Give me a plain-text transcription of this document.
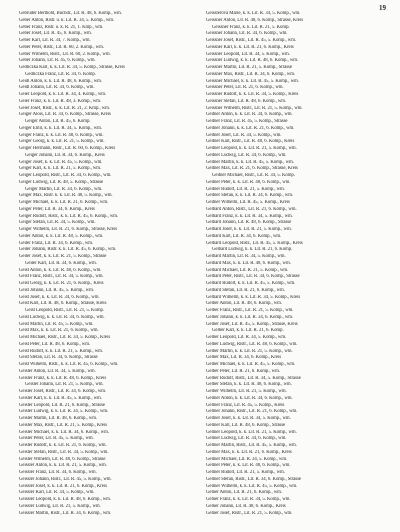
19
Gebrüder Berthold, Buchdr., Lit. R. 48, 6. Komp., wm.
Geber Anton, Ristr. u. k. Lit. R. 34, 5. Komp., wm.
Geber Franz, Ristr. u. k. R. 21, 1. Kmp., wm.
Geber Josef, Lit. R. 45, 6. Komp., wm.
Geber Karl, Lit. R. 34, 7. Komp., wm.
Geber Peter, Ristr., Lit. R. 60, 2. Komp., wm.
Geber Wilhelm, Ristr., Lit. R. 60, 2. Komp., wm.
Geber Johann, Lit. R. 45, 6. Komp., wm.
Gedliczka Karl, k. k. Lit. R. 34, 5. Komp., Strasse, Kreis
Gedliczka Franz, Lit. R. 34, 6. Komp.
Geidl Anton, k. k. Lit. R. 48, 6. Komp., wm.
Geidl Johann, Lit. R. 34, 6. Komp., wm.
Geier Leopold, k. k. Lit. R. 34, 4. Komp., wm.
Geier Franz, k. k. Lit. R. 48, 3. Komp., wm.
Geier Josef, Ristr., k. k. Lit. R. 21, 2. Kmp., wm.
Geiger Alois, Lit. R. 34, 6. Komp., Strasse, Kreis
Geiger Anton, Lit. R. 45, 6. Komp.
Geiger Emil, k. k. Lit. R. 34, 5. Komp., wm.
Geiger Franz, k. k. Lit. R. 48, 6. Komp., wm.
Geiger Georg, k. k. Lit. R. 21, 5. Komp., wm.
Geiger Hermann, Ristr., Lit. R. 60, 6. Komp., Kreis
Geiger Johann, Lit. R. 34, 6. Komp., Kreis
Geiger Josef, k. k. Lit. R. 45, 5. Komp., wm.
Geiger Karl, k. k. Lit. R. 21, 5. Komp., wm.
Geiger Leopold, Ristr., Lit. R. 34, 6. Komp., wm.
Geiger Ludwig, Lit. R. 48, 5. Komp., Strasse
Geiger Martin, Lit. R. 34, 6. Komp., wm.
Geiger Max, Ristr. k. k. Lit. R. 48, 5. Komp., wm.
Geiger Michael, k. k. Lit. R. 21, 6. Komp., wm.
Geiger Peter, Lit. R. 34, 6. Komp., Kreis
Geiger Rudolf, Ristr., k. k. Lit. R. 45, 6. Komp., wm.
Geiger Stefan, Lit. R. 34, 5. Komp., wm.
Geiger Wilhelm, Lit. R. 21, 6. Komp., Strasse, Kreis
Geiler Anton, k. k. Lit. R. 48, 5. Komp., wm.
Geiler Franz, Lit. R. 34, 6. Komp., wm.
Geiler Johann, Ristr. k. k. Lit. R. 45, 6. Komp., wm.
Geiler Josef, k. k. Lit. R. 21, 5. Komp., Strasse
Geiler Karl, Lit. R. 34, 6. Komp., wm.
Geist Anton, k. k. Lit. R. 48, 6. Komp., wm.
Geist Franz, Ristr., Lit. R. 34, 5. Komp., wm.
Geist Georg, k. k. Lit. R. 21, 6. Komp., Kreis
Geist Johann, Lit. R. 45, 5. Komp., wm.
Geist Josef, k. k. Lit. R. 34, 6. Komp., wm.
Geist Karl, Lit. R. 48, 6. Komp., Strasse, Kreis
Geist Leopold, Ristr., Lit. R. 21, 5. Komp.
Geist Ludwig, k. k. Lit. R. 34, 6. Komp., wm.
Geist Martin, Lit. R. 45, 5. Komp., wm.
Geist Max, k. k. Lit. R. 21, 6. Komp., wm.
Geist Michael, Ristr., Lit. R. 34, 5. Komp., Kreis
Geist Peter, Lit. R. 48, 6. Komp., wm.
Geist Rudolf, k. k. Lit. R. 21, 5. Komp., wm.
Geist Stefan, Lit. R. 34, 6. Komp., Strasse
Geist Wilhelm, Ristr., k. k. Lit. R. 45, 6. Komp., wm.
Geisler Anton, Lit. R. 34, 5. Komp., wm.
Geisler Franz, k. k. Lit. R. 48, 6. Komp., Kreis
Geisler Johann, Lit. R. 21, 5. Komp., wm.
Geisler Josef, Ristr., Lit. R. 34, 6. Komp., wm.
Geisler Karl, k. k. Lit. R. 45, 5. Komp., wm.
Geisler Leopold, Lit. R. 21, 6. Komp., Strasse
Geisler Ludwig, k. k. Lit. R. 34, 5. Komp., wm.
Geisler Martin, Lit. R. 48, 6. Komp., wm.
Geisler Max, Ristr., Lit. R. 21, 5. Komp., Kreis
Geisler Michael, k. k. Lit. R. 34, 6. Komp., wm.
Geisler Peter, Lit. R. 45, 5. Komp., wm.
Geisler Rudolf, k. k. Lit. R. 21, 6. Komp., wm.
Geisler Stefan, Ristr., Lit. R. 34, 5. Komp., wm.
Geisler Wilhelm, Lit. R. 48, 6. Komp., Strasse
Geissler Anton, k. k. Lit. R. 21, 5. Komp., wm.
Geissler Franz, Lit. R. 34, 6. Komp., wm.
Geissler Johann, Ristr., Lit. R. 45, 5. Komp., wm.
Geissler Josef, k. k. Lit. R. 21, 6. Komp., Kreis
Geissler Karl, Lit. R. 34, 5. Komp., wm.
Geissler Leopold, k. k. Lit. R. 48, 6. Komp., wm.
Geissler Ludwig, Lit. R. 21, 5. Komp., wm.
Geissler Martin, Ristr., Lit. R. 34, 6. Komp., wm.
Geisslerová Marie, k. k. Lit. R. 34, 5. Komp., wm.
Geissner Anton, Lit. R. 48, 6. Komp., Strasse, Kreis
Geissner Franz, k. k. Lit. R. 21, 5. Komp.
Geissner Johann, Lit. R. 34, 6. Komp., wm.
Geissner Josef, Ristr., Lit. R. 45, 5. Komp., wm.
Geissner Karl, k. k. Lit. R. 21, 6. Komp., Kreis
Geissner Leopold, Lit. R. 34, 5. Komp., wm.
Geissner Ludwig, k. k. Lit. R. 48, 6. Komp., wm.
Geissner Martin, Lit. R. 21, 5. Komp., Strasse
Geissner Max, Ristr., Lit. R. 34, 6. Komp., wm.
Geissner Michael, k. k. Lit. R. 45, 5. Komp., wm.
Geissner Peter, Lit. R. 21, 6. Komp., wm.
Geissner Rudolf, k. k. Lit. R. 34, 5. Komp., Kreis
Geissner Stefan, Lit. R. 48, 6. Komp., wm.
Geissner Wilhelm, Ristr., Lit. R. 21, 5. Komp., wm.
Geitner Anton, k. k. Lit. R. 34, 6. Komp., wm.
Geitner Franz, Lit. R. 45, 5. Komp., Strasse
Geitner Johann, k. k. Lit. R. 21, 6. Komp., wm.
Geitner Josef, Lit. R. 34, 5. Komp., wm.
Geitner Karl, Ristr., Lit. R. 48, 6. Komp., Kreis
Geitner Leopold, k. k. Lit. R. 21, 5. Komp., wm.
Geitner Ludwig, Lit. R. 34, 6. Komp., wm.
Geitner Martin, k. k. Lit. R. 45, 5. Komp., wm.
Geitner Max, Lit. R. 21, 6. Komp., Strasse, Kreis
Geitner Michael, Ristr., Lit. R. 34, 5. Komp.
Geitner Peter, k. k. Lit. R. 48, 6. Komp., wm.
Geitner Rudolf, Lit. R. 21, 5. Komp., wm.
Geitner Stefan, k. k. Lit. R. 34, 6. Komp., wm.
Geitner Wilhelm, Lit. R. 45, 5. Komp., Kreis
Gelbard Anton, Ristr., Lit. R. 21, 6. Komp., wm.
Gelbard Franz, k. k. Lit. R. 34, 5. Komp., wm.
Gelbard Johann, Lit. R. 48, 6. Komp., Strasse
Gelbard Josef, k. k. Lit. R. 21, 5. Komp., wm.
Gelbard Karl, Lit. R. 34, 6. Komp., wm.
Gelbard Leopold, Ristr., Lit. R. 45, 5. Komp., Kreis
Gelbard Ludwig, k. k. Lit. R. 21, 6. Komp.
Gelbard Martin, Lit. R. 34, 5. Komp., wm.
Gelbard Max, k. k. Lit. R. 48, 6. Komp., wm.
Gelbard Michael, Lit. R. 21, 5. Komp., wm.
Gelbard Peter, Ristr., Lit. R. 34, 6. Komp., Strasse
Gelbard Rudolf, k. k. Lit. R. 45, 5. Komp., wm.
Gelbard Stefan, Lit. R. 21, 6. Komp., wm.
Gelbard Wilhelm, k. k. Lit. R. 34, 5. Komp., Kreis
Gelber Anton, Lit. R. 48, 6. Komp., wm.
Gelber Franz, Ristr., Lit. R. 21, 5. Komp., wm.
Gelber Johann, k. k. Lit. R. 34, 6. Komp., wm.
Gelber Josef, Lit. R. 45, 5. Komp., Strasse, Kreis
Gelber Karl, k. k. Lit. R. 21, 6. Komp.
Gelber Leopold, Lit. R. 34, 5. Komp., wm.
Gelber Ludwig, Ristr., Lit. R. 48, 6. Komp., wm.
Gelber Martin, k. k. Lit. R. 21, 5. Komp., wm.
Gelber Max, Lit. R. 34, 6. Komp., Kreis
Gelber Michael, k. k. Lit. R. 45, 5. Komp., wm.
Gelber Peter, Lit. R. 21, 6. Komp., wm.
Gelber Rudolf, Ristr., Lit. R. 34, 5. Komp., Strasse
Gelber Stefan, k. k. Lit. R. 48, 6. Komp., wm.
Gelber Wilhelm, Lit. R. 21, 5. Komp., wm.
Gellner Anton, k. k. Lit. R. 34, 6. Komp., wm.
Gellner Franz, Lit. R. 45, 5. Komp., Kreis
Gellner Johann, Ristr., Lit. R. 21, 6. Komp., wm.
Gellner Josef, k. k. Lit. R. 34, 5. Komp., wm.
Gellner Karl, Lit. R. 48, 6. Komp., Strasse
Gellner Leopold, k. k. Lit. R. 21, 5. Komp., wm.
Gellner Ludwig, Lit. R. 34, 6. Komp., wm.
Gellner Martin, Ristr., Lit. R. 45, 5. Komp., wm.
Gellner Max, k. k. Lit. R. 21, 6. Komp., Kreis
Gellner Michael, Lit. R. 34, 5. Komp., wm.
Gellner Peter, k. k. Lit. R. 48, 6. Komp., wm.
Gellner Rudolf, Lit. R. 21, 5. Komp., wm.
Gellner Stefan, Ristr., Lit. R. 34, 6. Komp., Strasse
Gellner Wilhelm, k. k. Lit. R. 45, 5. Komp., wm.
Gelner Anton, Lit. R. 21, 6. Komp., wm.
Gelner Franz, k. k. Lit. R. 34, 5. Komp., wm.
Gelner Johann, Lit. R. 48, 6. Komp., Kreis
Gelner Josef, Ristr., Lit. R. 21, 5. Komp., wm.
